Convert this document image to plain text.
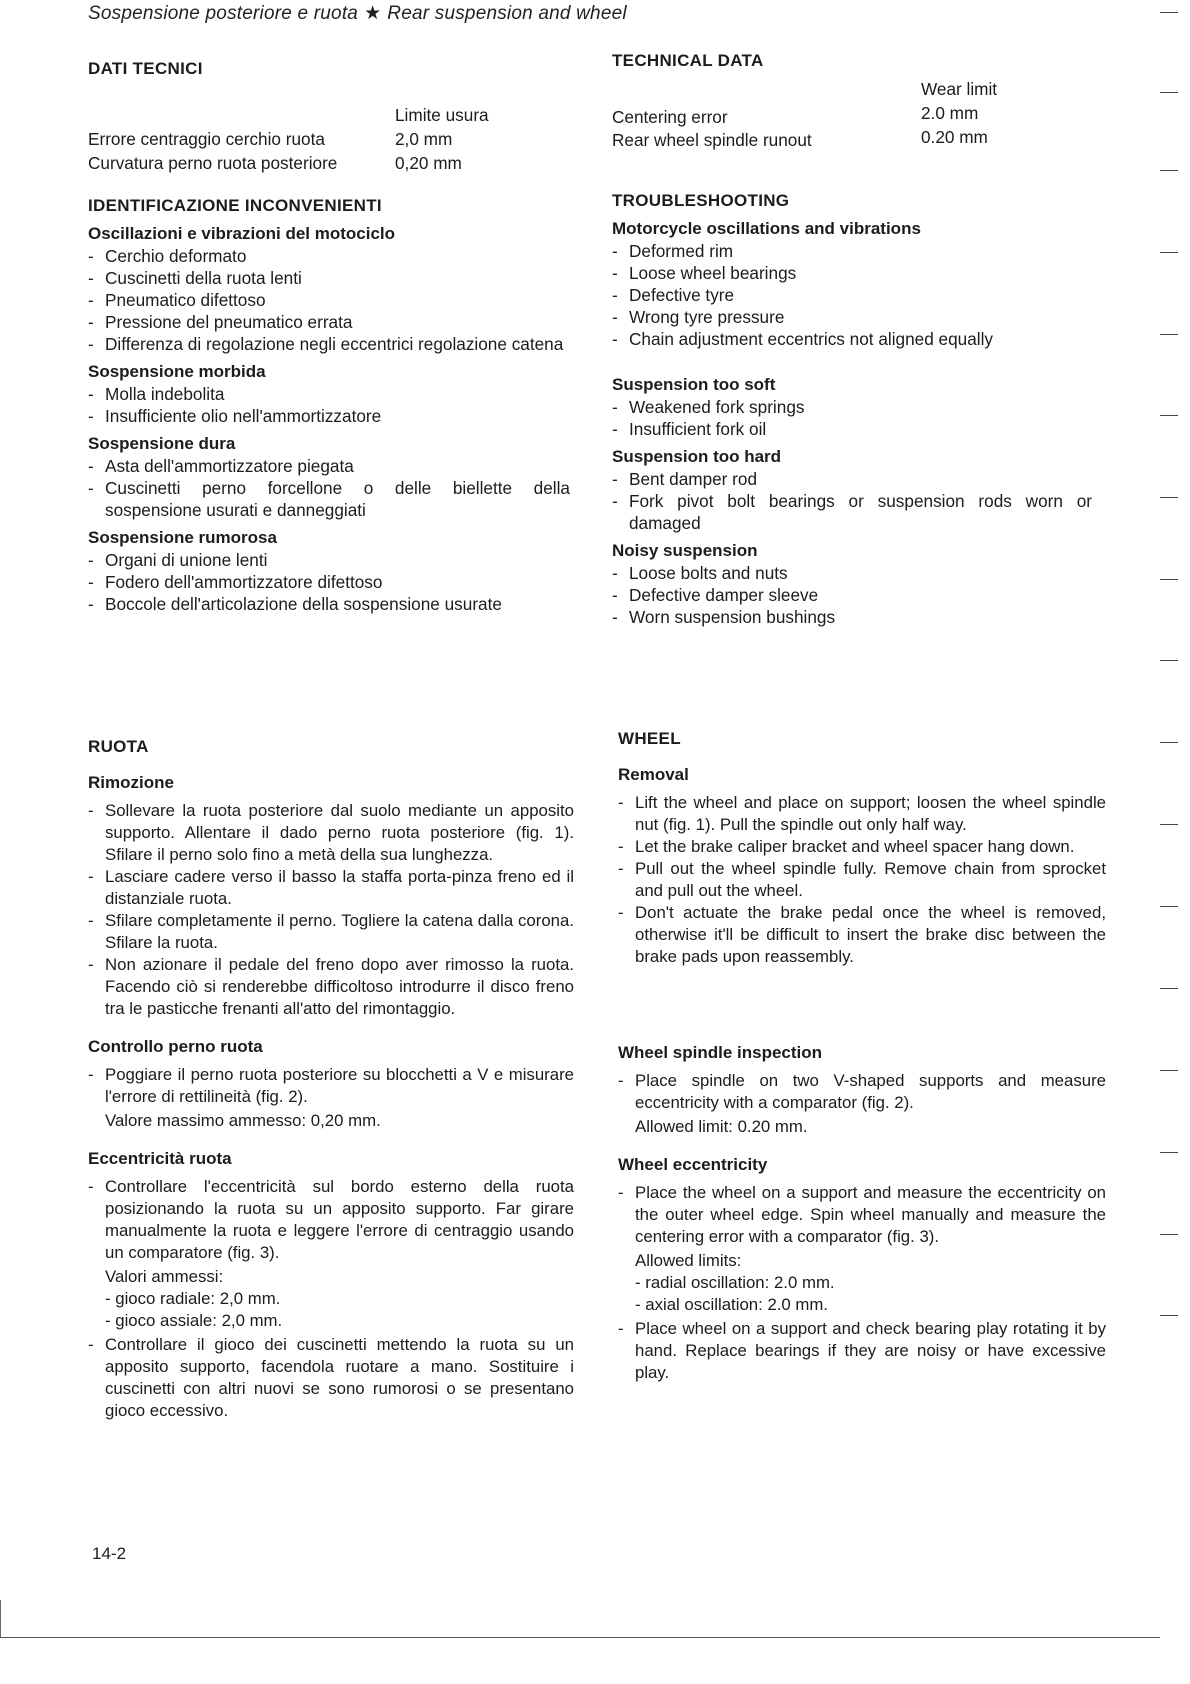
Sospensione posteriore e ruota ★ Rear suspension and wheel

DATI TECNICI

Limite usura
Errore centraggio cerchio ruota	2,0 mm
Curvatura perno ruota posteriore	0,20 mm

IDENTIFICAZIONE INCONVENIENTI

Oscillazioni e vibrazioni del motociclo

- Cerchio deformato
- Cuscinetti della ruota lenti
- Pneumatico difettoso
- Pressione del pneumatico errata
- Differenza di regolazione negli eccentrici regolazione catena

Sospensione morbida

- Molla indebolita
- Insufficiente olio nell'ammortizzatore

Sospensione dura

- Asta dell'ammortizzatore piegata
- Cuscinetti perno forcellone o delle biellette della sospensione usurati e danneggiati

Sospensione rumorosa

- Organi di unione lenti
- Fodero dell'ammortizzatore difettoso
- Boccole dell'articolazione della sospensione usurate

RUOTA

Rimozione

- Sollevare la ruota posteriore dal suolo mediante un apposito supporto. Allentare il dado perno ruota posteriore (fig. 1). Sfilare il perno solo fino a metà della sua lunghezza.
- Lasciare cadere verso il basso la staffa porta-pinza freno ed il distanziale ruota.
- Sfilare completamente il perno. Togliere la catena dalla corona. Sfilare la ruota.
- Non azionare il pedale del freno dopo aver rimosso la ruota. Facendo ciò si renderebbe difficoltoso introdurre il disco freno tra le pasticche frenanti all'atto del rimontaggio.

Controllo perno ruota

- Poggiare il perno ruota posteriore su blocchetti a V e misurare l'errore di rettilineità (fig. 2).
Valore massimo ammesso: 0,20 mm.

Eccentricità ruota

- Controllare l'eccentricità sul bordo esterno della ruota posizionando la ruota su un apposito supporto. Far girare manualmente la ruota e leggere l'errore di centraggio usando un comparatore (fig. 3).
Valori ammessi:
- gioco radiale: 2,0 mm.
- gioco assiale: 2,0 mm.
- Controllare il gioco dei cuscinetti mettendo la ruota su un apposito supporto, facendola ruotare a mano. Sostituire i cuscinetti con altri nuovi se sono rumorosi o se presentano gioco eccessivo.

TECHNICAL DATA

Wear limit
Centering error	2.0 mm
Rear wheel spindle runout	0.20 mm

TROUBLESHOOTING

Motorcycle oscillations and vibrations

- Deformed rim
- Loose wheel bearings
- Defective tyre
- Wrong tyre pressure
- Chain adjustment eccentrics not aligned equally

Suspension too soft

- Weakened fork springs
- Insufficient fork oil

Suspension too hard

- Bent damper rod
- Fork pivot bolt bearings or suspension rods worn or damaged

Noisy suspension

- Loose bolts and nuts
- Defective damper sleeve
- Worn suspension bushings

WHEEL

Removal

- Lift the wheel and place on support; loosen the wheel spindle nut (fig. 1). Pull the spindle out only half way.
- Let the brake caliper bracket and wheel spacer hang down.
- Pull out the wheel spindle fully. Remove chain from sprocket and pull out the wheel.
- Don't actuate the brake pedal once the wheel is removed, otherwise it'll be difficult to insert the brake disc between the brake pads upon reassembly.

Wheel spindle inspection

- Place spindle on two V-shaped supports and measure eccentricity with a comparator (fig. 2).
Allowed limit: 0.20 mm.

Wheel eccentricity

- Place the wheel on a support and measure the eccentricity on the outer wheel edge. Spin wheel manually and measure the centering error with a comparator (fig. 3).
Allowed limits:
- radial oscillation: 2.0 mm.
- axial oscillation: 2.0 mm.
- Place wheel on a support and check bearing play rotating it by hand. Replace bearings if they are noisy or have excessive play.
14-2
